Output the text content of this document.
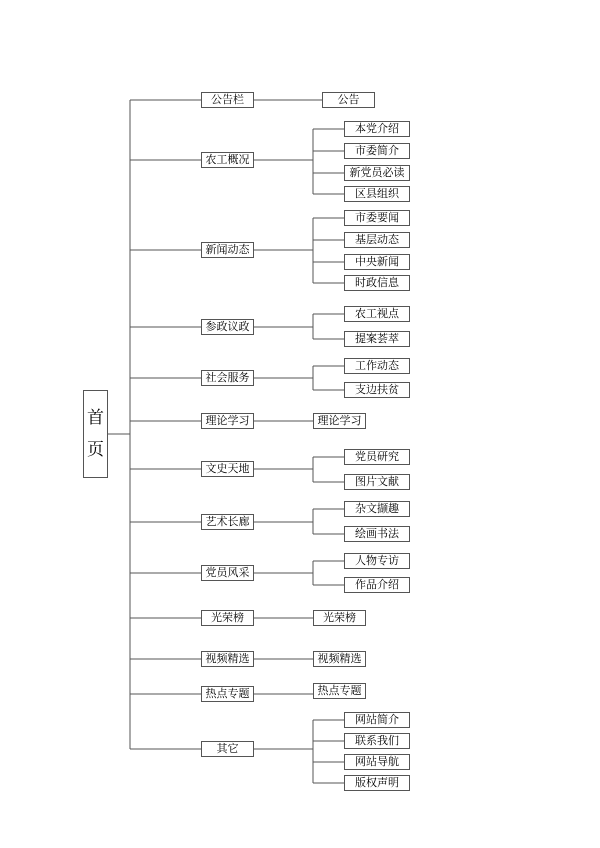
首
页
公告栏	公告
农工概况
本党介绍
市委简介
新党员必读
区县组织
新闻动态
市委要闻
基层动态
中央新闻
时政信息
参政议政
农工视点
提案荟萃
社会服务
工作动态
支边扶贫
理论学习	理论学习
文史天地
党员研究
图片文献
艺术长廊
杂文撷趣
绘画书法
党员风采
人物专访
作品介绍
光荣榜	光荣榜
视频精选	视频精选
热点专题	热点专题
其它
网站简介
联系我们
网站导航
版权声明
